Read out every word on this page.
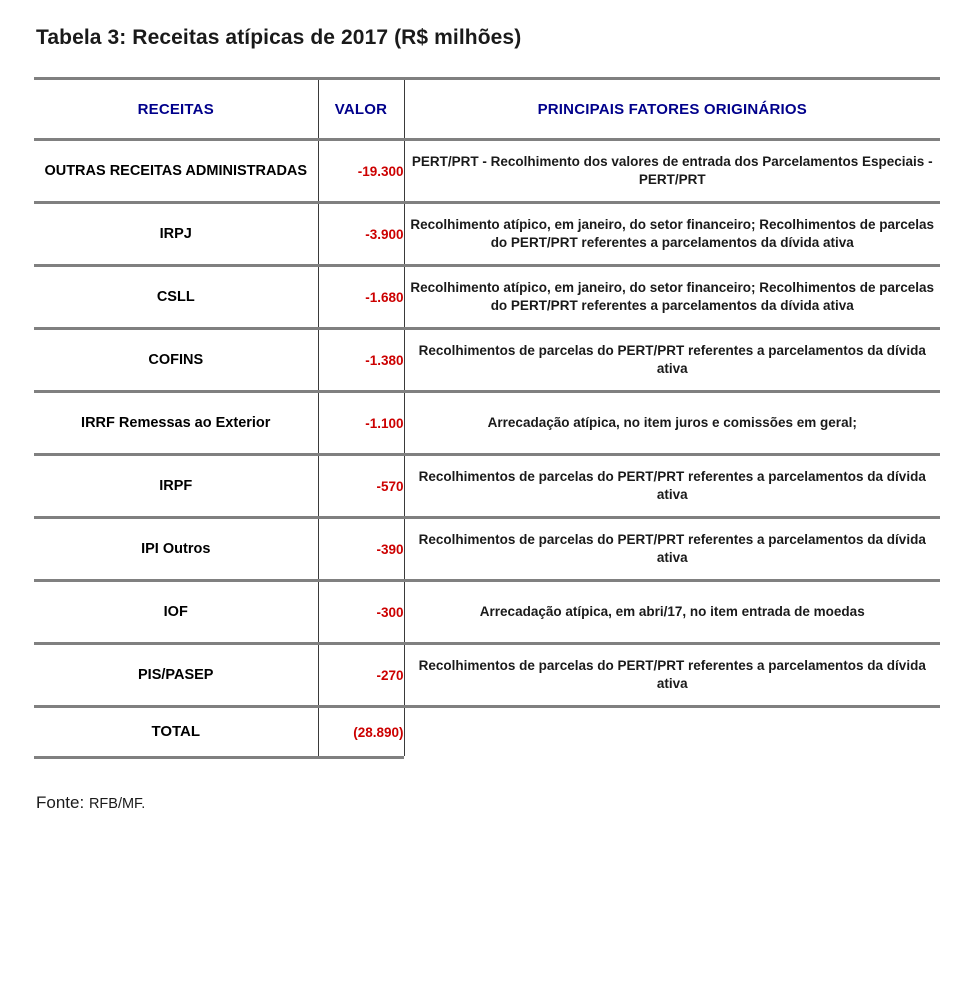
Tabela 3: Receitas atípicas de 2017 (R$ milhões)
RECEITAS	VALOR	PRINCIPAIS FATORES ORIGINÁRIOS
OUTRAS RECEITAS ADMINISTRADAS	-19.300	PERT/PRT - Recolhimento dos valores de entrada dos Parcelamentos Especiais - PERT/PRT
IRPJ	-3.900	Recolhimento atípico, em janeiro, do setor financeiro; Recolhimentos de parcelas do PERT/PRT referentes a parcelamentos da dívida ativa
CSLL	-1.680	Recolhimento atípico, em janeiro, do setor financeiro; Recolhimentos de parcelas do PERT/PRT referentes a parcelamentos da dívida ativa
COFINS	-1.380	Recolhimentos de parcelas do PERT/PRT referentes a parcelamentos da dívida ativa
IRRF Remessas ao Exterior	-1.100	Arrecadação atípica, no item juros e comissões em geral;
IRPF	-570	Recolhimentos de parcelas do PERT/PRT referentes a parcelamentos da dívida ativa
IPI Outros	-390	Recolhimentos de parcelas do PERT/PRT referentes a parcelamentos da dívida ativa
IOF	-300	Arrecadação atípica, em abri/17, no item entrada de moedas
PIS/PASEP	-270	Recolhimentos de parcelas do PERT/PRT referentes a parcelamentos da dívida ativa
TOTAL	(28.890)	
Fonte: RFB/MF.
